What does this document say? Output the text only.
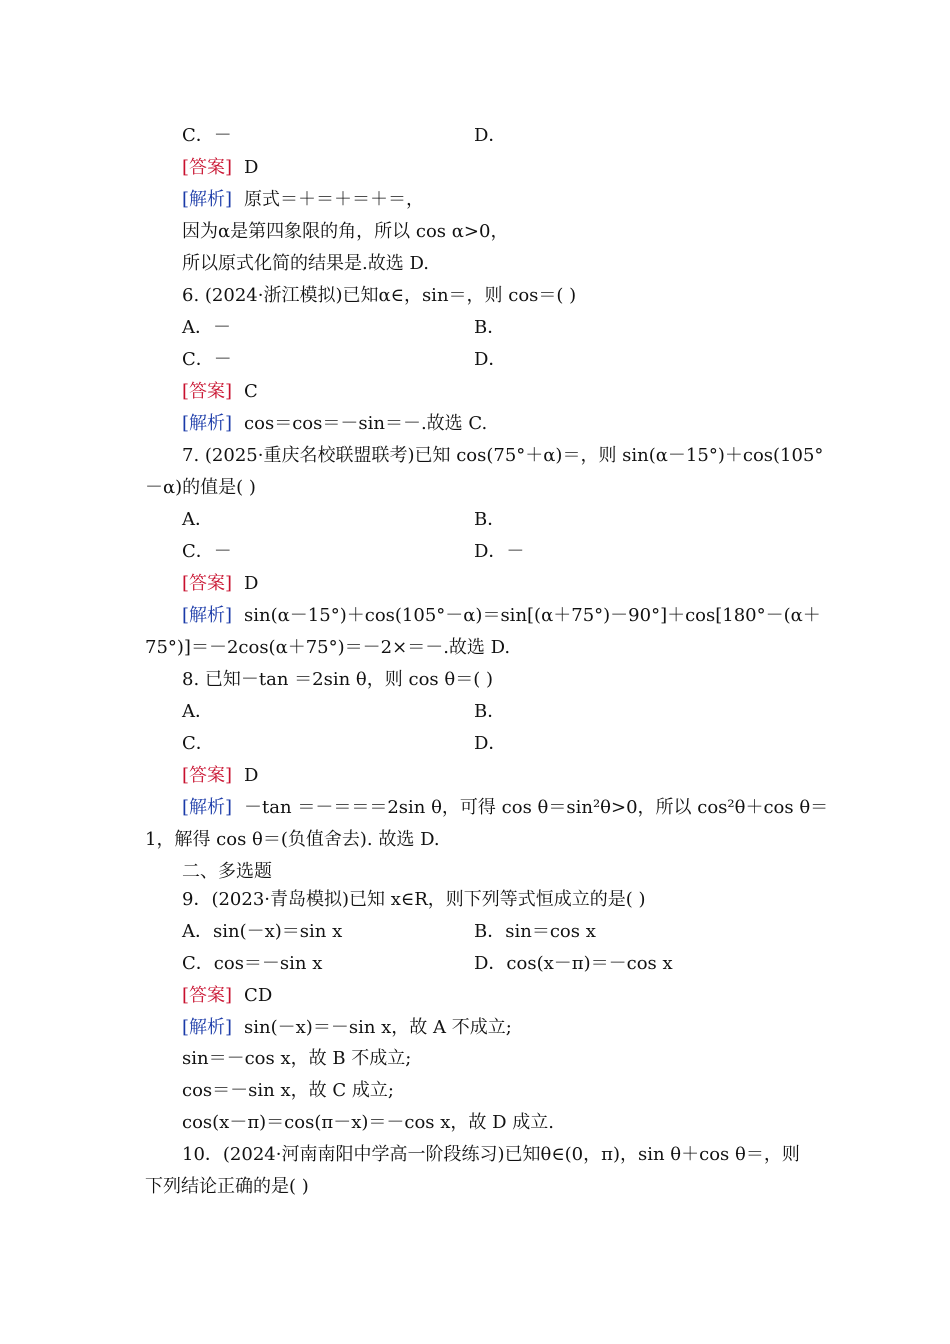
C．－	D．
[答案] D
[解析] 原式＝＋＝＋＝＋＝，
因为α是第四象限的角，所以 cos α>0，
所以原式化简的结果是.故选 D.
6. (2024·浙江模拟)已知α∈，sin＝，则 cos＝( )
A．－	B．
C．－	D．
[答案] C
[解析] cos＝cos＝－sin＝－.故选 C.
7. (2025·重庆名校联盟联考)已知 cos(75°＋α)＝，则 sin(α－15°)＋cos(105°
－α)的值是( )
A．	B．
C．－	D．－
[答案] D
[解析] sin(α－15°)＋cos(105°－α)＝sin[(α＋75°)－90°]＋cos[180°－(α＋
75°)]＝－2cos(α＋75°)＝－2×＝－.故选 D.
8. 已知－tan ＝2sin θ，则 cos θ＝( )
A．	B．
C．	D．
[答案] D
[解析] －tan ＝－＝＝＝2sin θ，可得 cos θ＝sin²θ>0，所以 cos²θ＋cos θ＝
1，解得 cos θ＝(负值舍去). 故选 D.
二、多选题
9．(2023·青岛模拟)已知 x∈R，则下列等式恒成立的是( )
A．sin(－x)＝sin x	B．sin＝cos x
C．cos＝－sin x	D．cos(x－π)＝－cos x
[答案] CD
[解析] sin(－x)＝－sin x，故 A 不成立;
sin＝－cos x，故 B 不成立;
cos＝－sin x，故 C 成立;
cos(x－π)＝cos(π－x)＝－cos x，故 D 成立.
10．(2024·河南南阳中学高一阶段练习)已知θ∈(0，π)，sin θ＋cos θ＝，则
下列结论正确的是( )
